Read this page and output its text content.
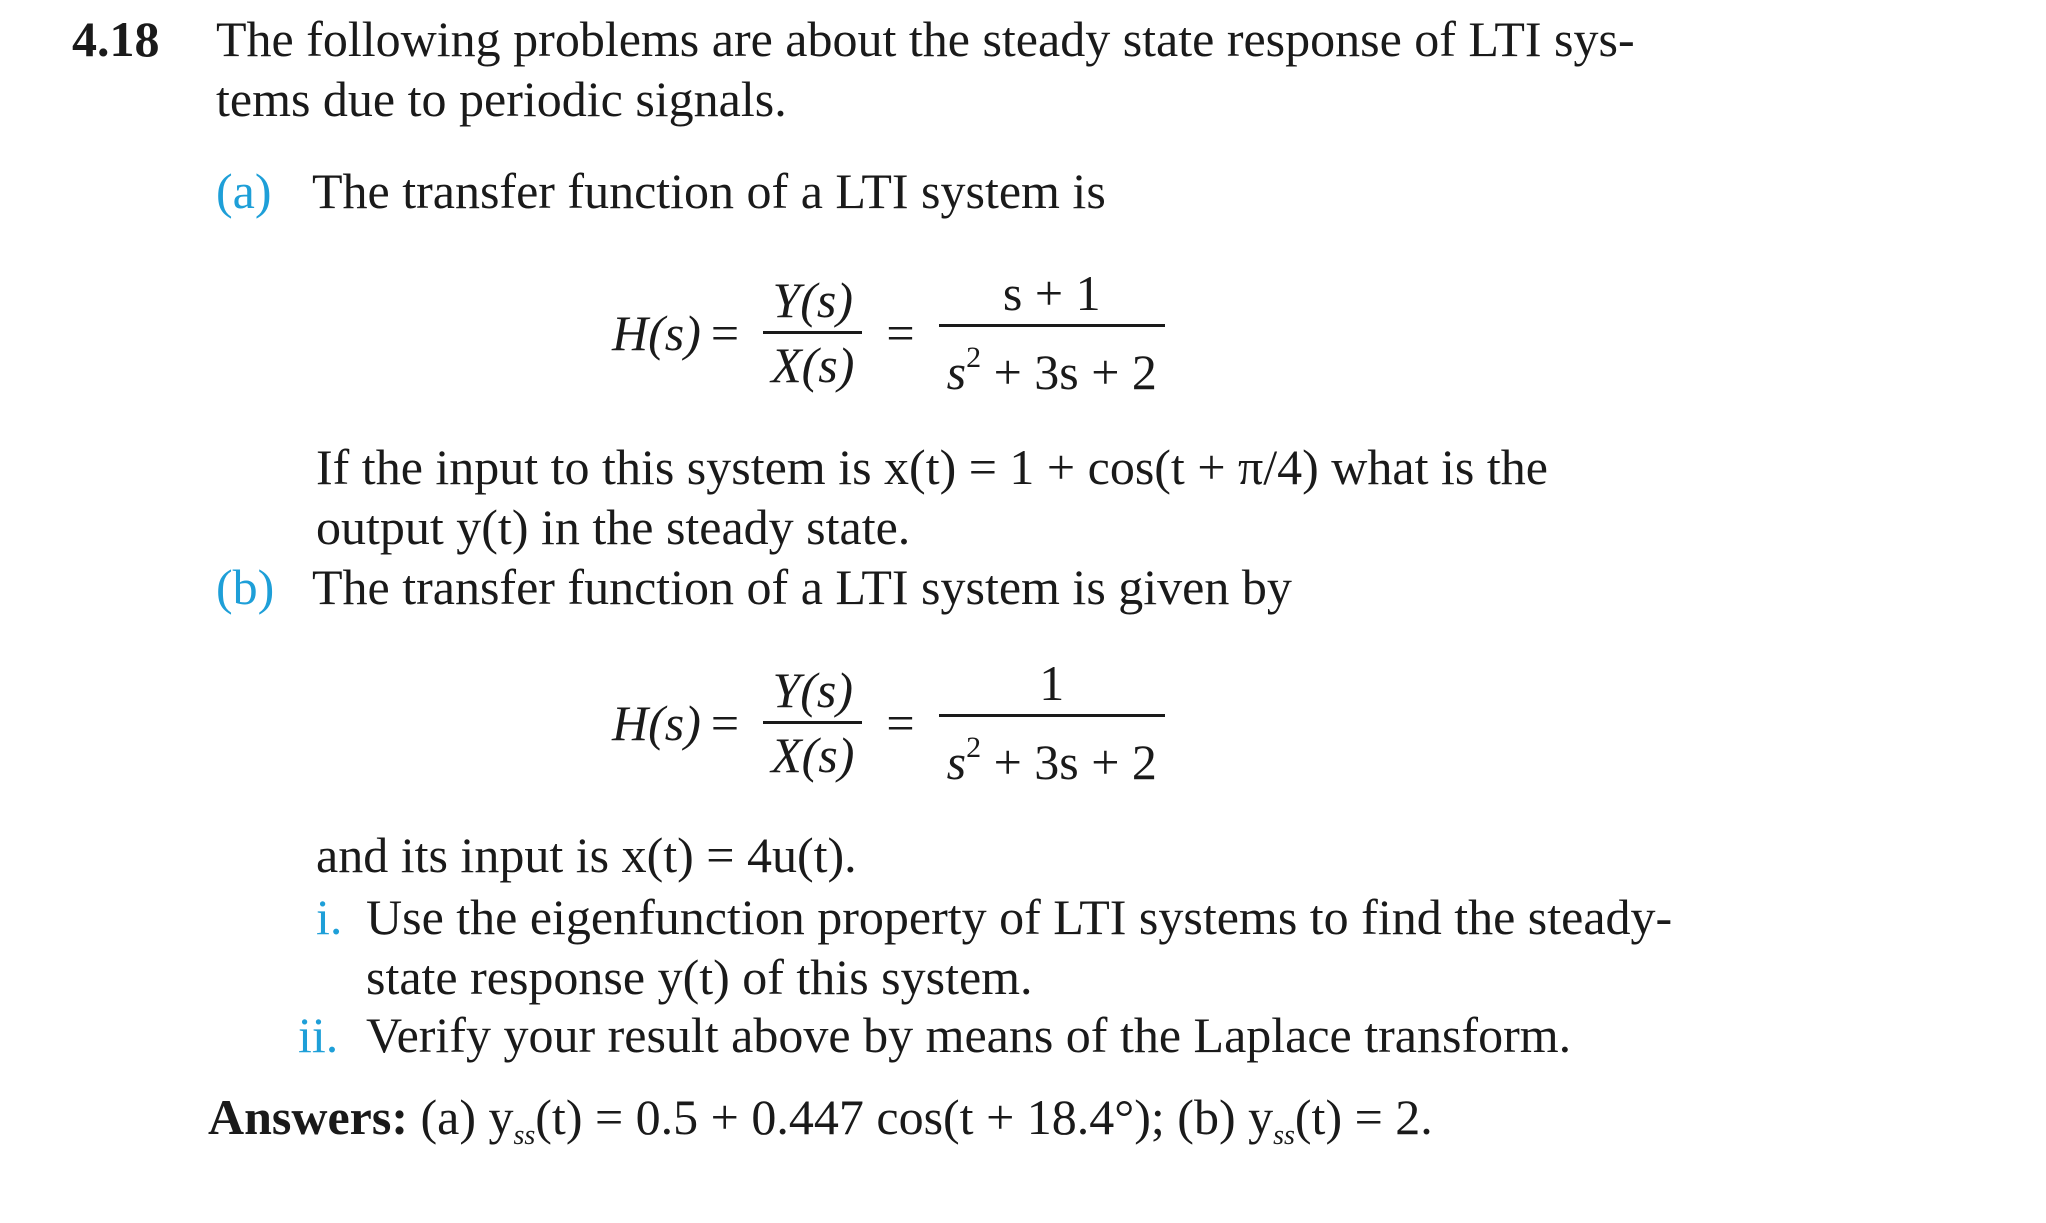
4.18 The following problems are about the steady state response of LTI sys-
tems due to periodic signals.
(a) The transfer function of a LTI system is
$H(s) = \frac{Y(s)}{X(s)} = \frac{s + 1}{s^2 + 3s + 2}$
If the input to this system is x(t) = 1 + cos(t + π/4) what is the
output y(t) in the steady state.
(b) The transfer function of a LTI system is given by
$H(s) = \frac{Y(s)}{X(s)} = \frac{1}{s^2 + 3s + 2}$
and its input is x(t) = 4u(t).
i. Use the eigenfunction property of LTI systems to find the steady-
state response y(t) of this system.
ii. Verify your result above by means of the Laplace transform.
Answers: (a) $y_{ss}(t) = 0.5 + 0.447$ cos(t + 18.4°); (b) $y_{ss}(t) = 2$.
